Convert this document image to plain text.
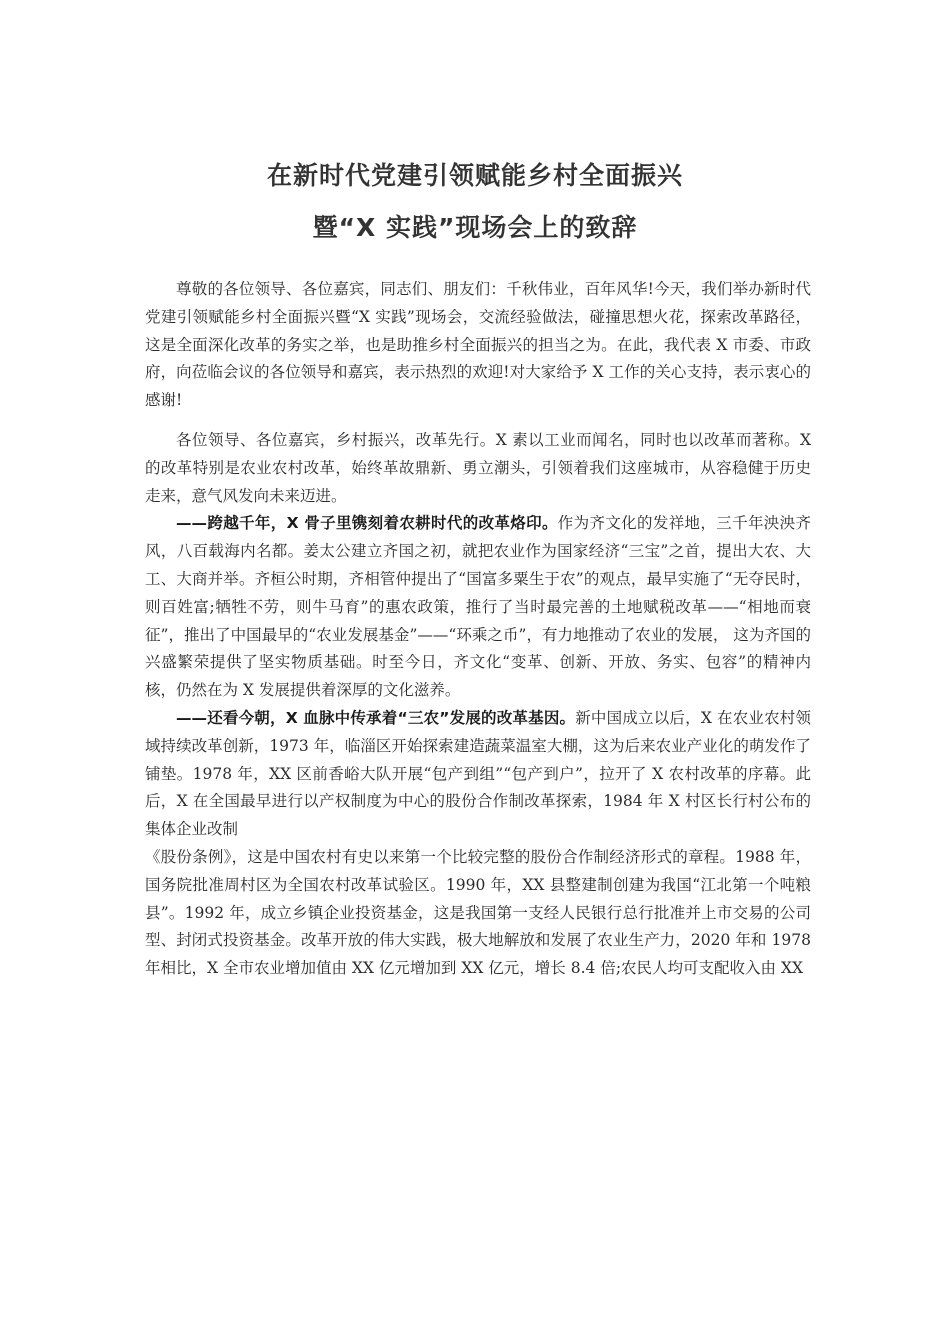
在新时代党建引领赋能乡村全面振兴
暨“X 实践”现场会上的致辞

尊敬的各位领导、各位嘉宾，同志们、朋友们：千秋伟业，百年风华!今天，我们举办新时代党建引领赋能乡村全面振兴暨“X 实践”现场会，交流经验做法，碰撞思想火花，探索改革路径，这是全面深化改革的务实之举，也是助推乡村全面振兴的担当之为。在此，我代表 X 市委、市政府，向莅临会议的各位领导和嘉宾，表示热烈的欢迎!对大家给予 X 工作的关心支持，表示衷心的感谢!

各位领导、各位嘉宾，乡村振兴，改革先行。X 素以工业而闻名，同时也以改革而著称。X 的改革特别是农业农村改革，始终革故鼎新、勇立潮头，引领着我们这座城市，从容稳健于历史走来，意气风发向未来迈进。

——跨越千年，X 骨子里镌刻着农耕时代的改革烙印。作为齐文化的发祥地，三千年泱泱齐风，八百载海内名都。姜太公建立齐国之初，就把农业作为国家经济“三宝”之首，提出大农、大工、大商并举。齐桓公时期，齐相管仲提出了“国富多粟生于农”的观点，最早实施了“无夺民时，则百姓富;牺牲不劳，则牛马育”的惠农政策，推行了当时最完善的土地赋税改革——“相地而衰征”，推出了中国最早的“农业发展基金”——“环乘之币”，有力地推动了农业的发展， 这为齐国的兴盛繁荣提供了坚实物质基础。时至今日，齐文化“变革、创新、开放、务实、包容”的精神内核，仍然在为 X 发展提供着深厚的文化滋养。

——还看今朝，X 血脉中传承着“三农”发展的改革基因。新中国成立以后，X 在农业农村领域持续改革创新，1973 年，临淄区开始探索建造蔬菜温室大棚，这为后来农业产业化的萌发作了铺垫。1978 年，XX 区前香峪大队开展“包产到组”“包产到户”，拉开了 X 农村改革的序幕。此后，X 在全国最早进行以产权制度为中心的股份合作制改革探索，1984 年 X 村区长行村公布的集体企业改制

《股份条例》，这是中国农村有史以来第一个比较完整的股份合作制经济形式的章程。1988 年，国务院批准周村区为全国农村改革试验区。1990 年，XX 县整建制创建为我国“江北第一个吨粮县”。1992 年，成立乡镇企业投资基金，这是我国第一支经人民银行总行批准并上市交易的公司型、封闭式投资基金。改革开放的伟大实践，极大地解放和发展了农业生产力，2020 年和 1978 年相比，X 全市农业增加值由 XX 亿元增加到 XX 亿元，增长 8.4 倍;农民人均可支配收入由 XX
